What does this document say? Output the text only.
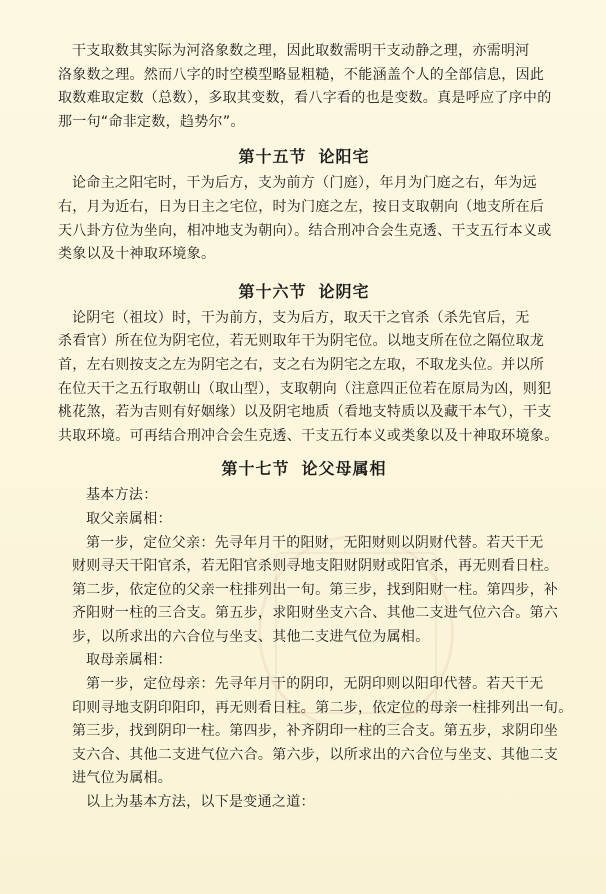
干支取数其实际为河洛象数之理，因此取数需明干支动静之理，亦需明河
洛象数之理。然而八字的时空模型略显粗糙，不能涵盖个人的全部信息，因此
取数难取定数（总数），多取其变数，看八字看的也是变数。真是呼应了序中的
那一句“命非定数，趋势尔”。
第十五节 论阳宅
论命主之阳宅时，干为后方，支为前方（门庭），年月为门庭之右，年为远
右，月为近右，日为日主之宅位，时为门庭之左，按日支取朝向（地支所在后
天八卦方位为坐向，相冲地支为朝向）。结合刑冲合会生克透、干支五行本义或
类象以及十神取环境象。
第十六节 论阴宅
论阴宅（祖坟）时，干为前方，支为后方，取天干之官杀（杀先官后，无
杀看官）所在位为阴宅位，若无则取年干为阴宅位。以地支所在位之隔位取龙
首，左右则按支之左为阴宅之右，支之右为阴宅之左取，不取龙头位。并以所
在位天干之五行取朝山（取山型），支取朝向（注意四正位若在原局为凶，则犯
桃花煞，若为吉则有好姻缘）以及阴宅地质（看地支特质以及藏干本气），干支
共取环境。可再结合刑冲合会生克透、干支五行本义或类象以及十神取环境象。
第十七节 论父母属相
基本方法：
取父亲属相：
第一步，定位父亲：先寻年月干的阳财，无阳财则以阴财代替。若天干无
财则寻天干阳官杀，若无阳官杀则寻地支阳财阴财或阳官杀，再无则看日柱。
第二步，依定位的父亲一柱排列出一旬。第三步，找到阳财一柱。第四步，补
齐阳财一柱的三合支。第五步，求阳财坐支六合、其他二支进气位六合。第六
步，以所求出的六合位与坐支、其他二支进气位为属相。
取母亲属相：
第一步，定位母亲：先寻年月干的阴印，无阴印则以阳印代替。若天干无
印则寻地支阴印阳印，再无则看日柱。第二步，依定位的母亲一柱排列出一旬。
第三步，找到阴印一柱。第四步，补齐阴印一柱的三合支。第五步，求阴印坐
支六合、其他二支进气位六合。第六步，以所求出的六合位与坐支、其他二支
进气位为属相。
以上为基本方法，以下是变通之道：
